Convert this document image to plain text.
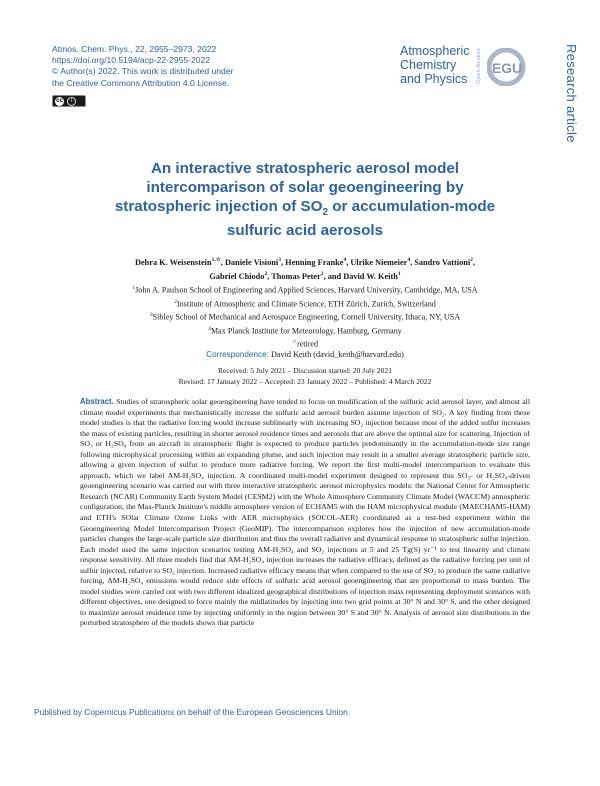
Atmos. Chem. Phys., 22, 2955–2973, 2022
https://doi.org/10.5194/acp-22-2955-2022
© Author(s) 2022. This work is distributed under
the Creative Commons Attribution 4.0 License.
cc	i
Atmospheric
Chemistry
and Physics	Open Access EGU	Research article
An interactive stratospheric aerosol model
intercomparison of solar geoengineering by
stratospheric injection of $SO_2$ or accumulation-mode
sulfuric acid aerosols
Debra K. Weisenstein$^{1,☆}$, Daniele Visioni$^3$, Henning Franke$^4$, Ulrike Niemeier$^4$, Sandro Vattioni$^2$,
Gabriel Chiodo$^2$, Thomas Peter$^2$, and David W. Keith$^1$
$^1$John A. Paulson School of Engineering and Applied Sciences, Harvard University, Cambridge, MA, USA
$^2$Institute of Atmospheric and Climate Science, ETH Zürich, Zurich, Switzerland
$^3$Sibley School of Mechanical and Aerospace Engineering, Cornell University, Ithaca, NY, USA
$^4$Max Planck Institute for Meteorology, Hamburg, Germany
☆retired
Correspondence: David Keith (david_keith@harvard.edu)
Received: 5 July 2021 – Discussion started: 20 July 2021
Revised: 17 January 2022 – Accepted: 23 January 2022 – Published: 4 March 2022
Abstract. Studies of stratospheric solar geoengineering have tended to focus on modification of the sulfuric acid aerosol layer, and almost all climate model experiments that mechanistically increase the sulfuric acid aerosol burden assume injection of SO₂. A key finding from these model studies is that the radiative forcing would increase sublinearly with increasing SO₂ injection because most of the added sulfur increases the mass of existing particles, resulting in shorter aerosol residence times and aerosols that are above the optimal size for scattering. Injection of SO₃ or H₂SO₄ from an aircraft in stratospheric flight is expected to produce particles predominantly in the accumulation-mode size range following microphysical processing within an expanding plume, and such injection may result in a smaller average stratospheric particle size, allowing a given injection of sulfur to produce more radiative forcing. We report the first multi-model intercomparison to evaluate this approach, which we label AM-H₂SO₄ injection. A coordinated multi-model experiment designed to represent this SO₃- or H₂SO₄-driven geoengineering scenario was carried out with three interactive stratospheric aerosol microphysics models: the National Center for Atmospheric Research (NCAR) Community Earth System Model (CESM2) with the Whole Atmosphere Community Climate Model (WACCM) atmospheric configuration, the Max-Planck Institute's middle atmosphere version of ECHAM5 with the HAM microphysical module (MAECHAM5-HAM) and ETH's SOlar Climate Ozone Links with AER microphysics (SOCOL-AER) coordinated as a test-bed experiment within the Geoengineering Model Intercomparison Project (GeoMIP). The intercomparison explores how the injection of new accumulation-mode particles changes the large-scale particle size distribution and thus the overall radiative and dynamical response to stratospheric sulfur injection. Each model used the same injection scenarios testing AM-H₂SO₄ and SO₂ injections at 5 and 25 Tg(S) yr⁻¹ to test linearity and climate response sensitivity. All three models find that AM-H₂SO₄ injection increases the radiative efficacy, defined as the radiative forcing per unit of sulfur injected, relative to SO₂ injection. Increased radiative efficacy means that when compared to the use of SO₂ to produce the same radiative forcing, AM-H₂SO₄ emissions would reduce side effects of sulfuric acid aerosol geoengineering that are proportional to mass burden. The model studies were carried out with two different idealized geographical distributions of injection mass representing deployment scenarios with different objectives, one designed to force mainly the midlatitudes by injecting into two grid points at 30° N and 30° S, and the other designed to maximize aerosol residence time by injecting uniformly in the region between 30° S and 30° N. Analysis of aerosol size distributions in the perturbed stratosphere of the models shows that particle
Published by Copernicus Publications on behalf of the European Geosciences Union.
